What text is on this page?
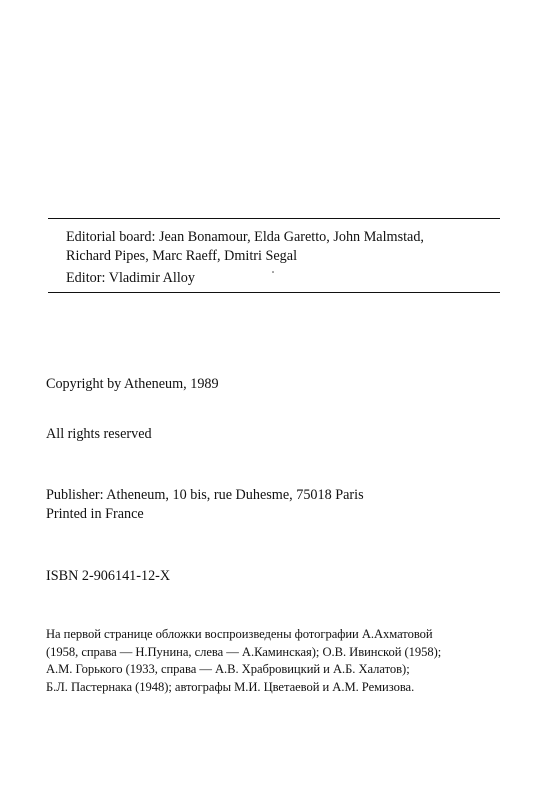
Editorial board: Jean Bonamour, Elda Garetto, John Malmstad,

Richard Pipes, Marc Raeff, Dmitri Segal

Editor: Vladimir Alloy

Copyright by Atheneum, 1989

All rights reserved

Publisher: Atheneum, 10 bis, rue Duhesme, 75018 Paris

Printed in France

ISBN 2-906141-12-X

На первой странице обложки воспроизведены фотографии А.Ахматовой
(1958, справа — Н.Пунина, слева — А.Каминская); О.В. Ивинской (1958);
А.М. Горького (1933, справа — А.В. Храбровицкий и А.Б. Халатов);
Б.Л. Пастернака (1948); автографы М.И. Цветаевой и А.М. Ремизова.
